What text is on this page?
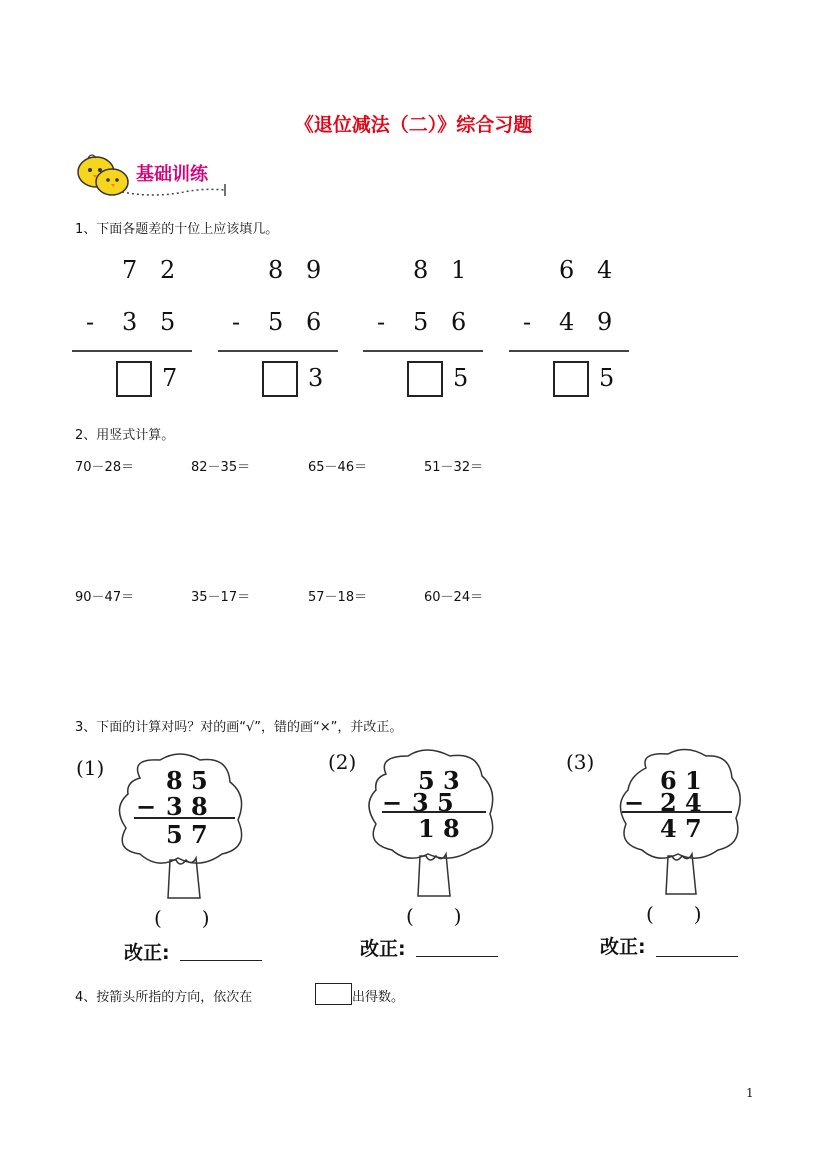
《退位减法（二）》综合习题
基础训练
1、下面各题差的十位上应该填几。
7 2
- 3 5
7
8 9
- 5 6
3
8 1
- 5 6
5
6 4
- 4 9
5
2、用竖式计算。
70－28＝	82－35＝	65－46＝	51－32＝
90－47＝	35－17＝	57－18＝	60－24＝
3、下面的计算对吗？对的画“√”，错的画“×”，并改正。
(1)	8 5
− 3 8
5 7
(　　)
改正:
(2)
5 3
− 3 5
1 8
(　　)
改正:
(3)
6 1
− 2 4
4 7
(　　)
改正:
4、按箭头所指的方向，依次在	出得数。
1
